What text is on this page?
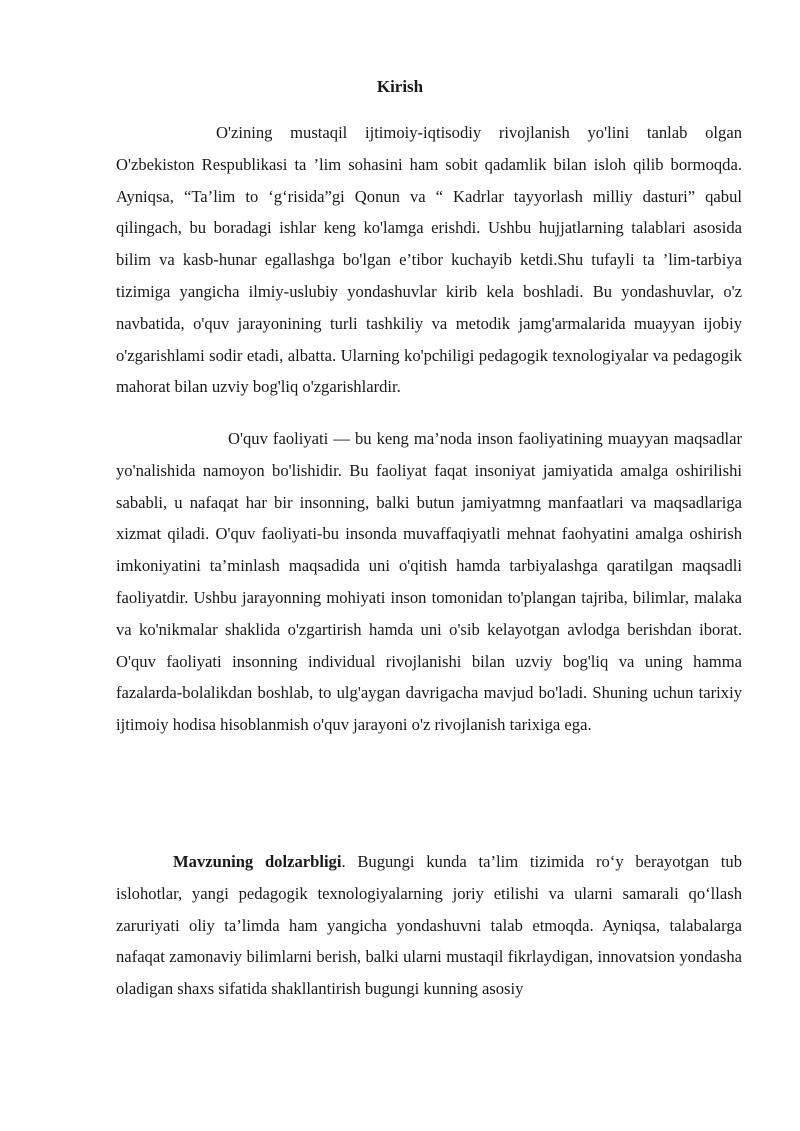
Kirish

O'zining mustaqil ijtimoiy-iqtisodiy rivojlanish yo'lini tanlab olgan O'zbekiston Respublikasi ta ’lim sohasini ham sobit qadamlik bilan isloh qilib bormoqda. Ayniqsa, “Ta’lim to ‘g‘risida”gi Qonun va “ Kadrlar tayyorlash milliy dasturi” qabul qilingach, bu boradagi ishlar keng ko'lamga erishdi. Ushbu hujjatlarning talablari asosida bilim va kasb-hunar egallashga bo'lgan e’tibor kuchayib ketdi.Shu tufayli ta ’lim-tarbiya tizimiga yangicha ilmiy-uslubiy yondashuvlar kirib kela boshladi. Bu yondashuvlar, o'z navbatida, o'quv jarayonining turli tashkiliy va metodik jamg'armalarida muayyan ijobiy o'zgarishlami sodir etadi, albatta. Ularning ko'pchiligi pedagogik texnologiyalar va pedagogik mahorat bilan uzviy bog'liq o'zgarishlardir.

O'quv faoliyati — bu keng ma’noda inson faoliyatining muayyan maqsadlar yo'nalishida namoyon bo'lishidir. Bu faoliyat faqat insoniyat jamiyatida amalga oshirilishi sababli, u nafaqat har bir insonning, balki butun jamiyatmng manfaatlari va maqsadlariga xizmat qiladi. O'quv faoliyati-bu insonda muvaffaqiyatli mehnat faohyatini amalga oshirish imkoniyatini ta’minlash maqsadida uni o'qitish hamda tarbiyalashga qaratilgan maqsadli faoliyatdir. Ushbu jarayonning mohiyati inson tomonidan to'plangan tajriba, bilimlar, malaka va ko'nikmalar shaklida o'zgartirish hamda uni o'sib kelayotgan avlodga berishdan iborat. O'quv faoliyati insonning individual rivojlanishi bilan uzviy bog'liq va uning hamma fazalarda-bolalikdan boshlab, to ulg'aygan davrigacha mavjud bo'ladi. Shuning uchun tarixiy ijtimoiy hodisa hisoblanmish o'quv jarayoni o'z rivojlanish tarixiga ega.

Mavzuning dolzarbligi. Bugungi kunda ta’lim tizimida ro‘y berayotgan tub islohotlar, yangi pedagogik texnologiyalarning joriy etilishi va ularni samarali qo‘llash zaruriyati oliy ta’limda ham yangicha yondashuvni talab etmoqda. Ayniqsa, talabalarga nafaqat zamonaviy bilimlarni berish, balki ularni mustaqil fikrlaydigan, innovatsion yondasha oladigan shaxs sifatida shakllantirish bugungi kunning asosiy
